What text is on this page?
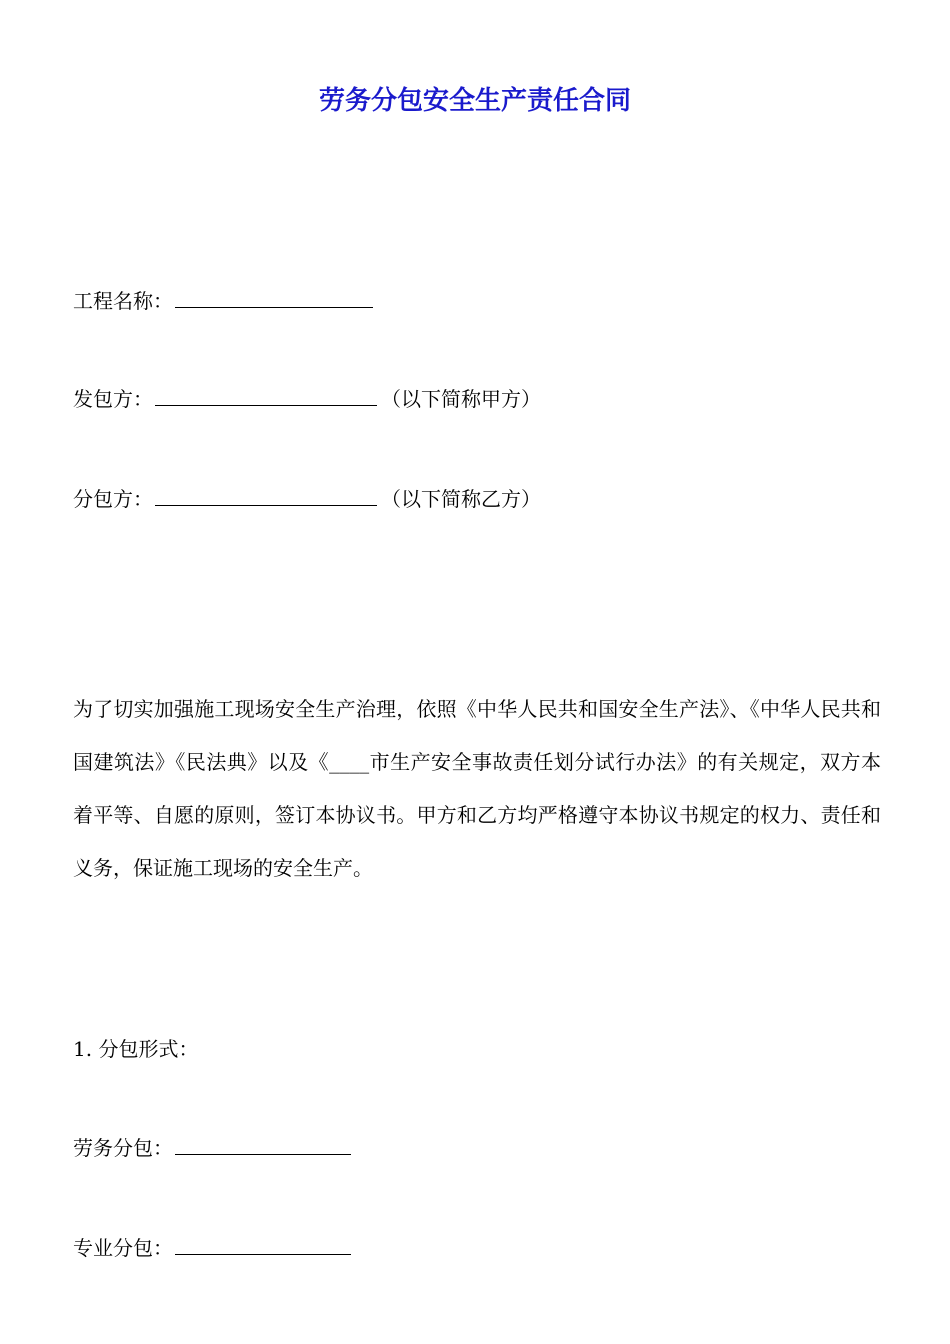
劳务分包安全生产责任合同
工程名称：
发包方：	（以下简称甲方）
分包方：	（以下简称乙方）
为了切实加强施工现场安全生产治理，依照《中华人民共和国安全生产法》、《中华人民共和国建筑法》《民法典》以及《____市生产安全事故责任划分试行办法》的有关规定，双方本着平等、自愿的原则，签订本协议书。甲方和乙方均严格遵守本协议书规定的权力、责任和义务，保证施工现场的安全生产。
1. 分包形式：
劳务分包：
专业分包：
